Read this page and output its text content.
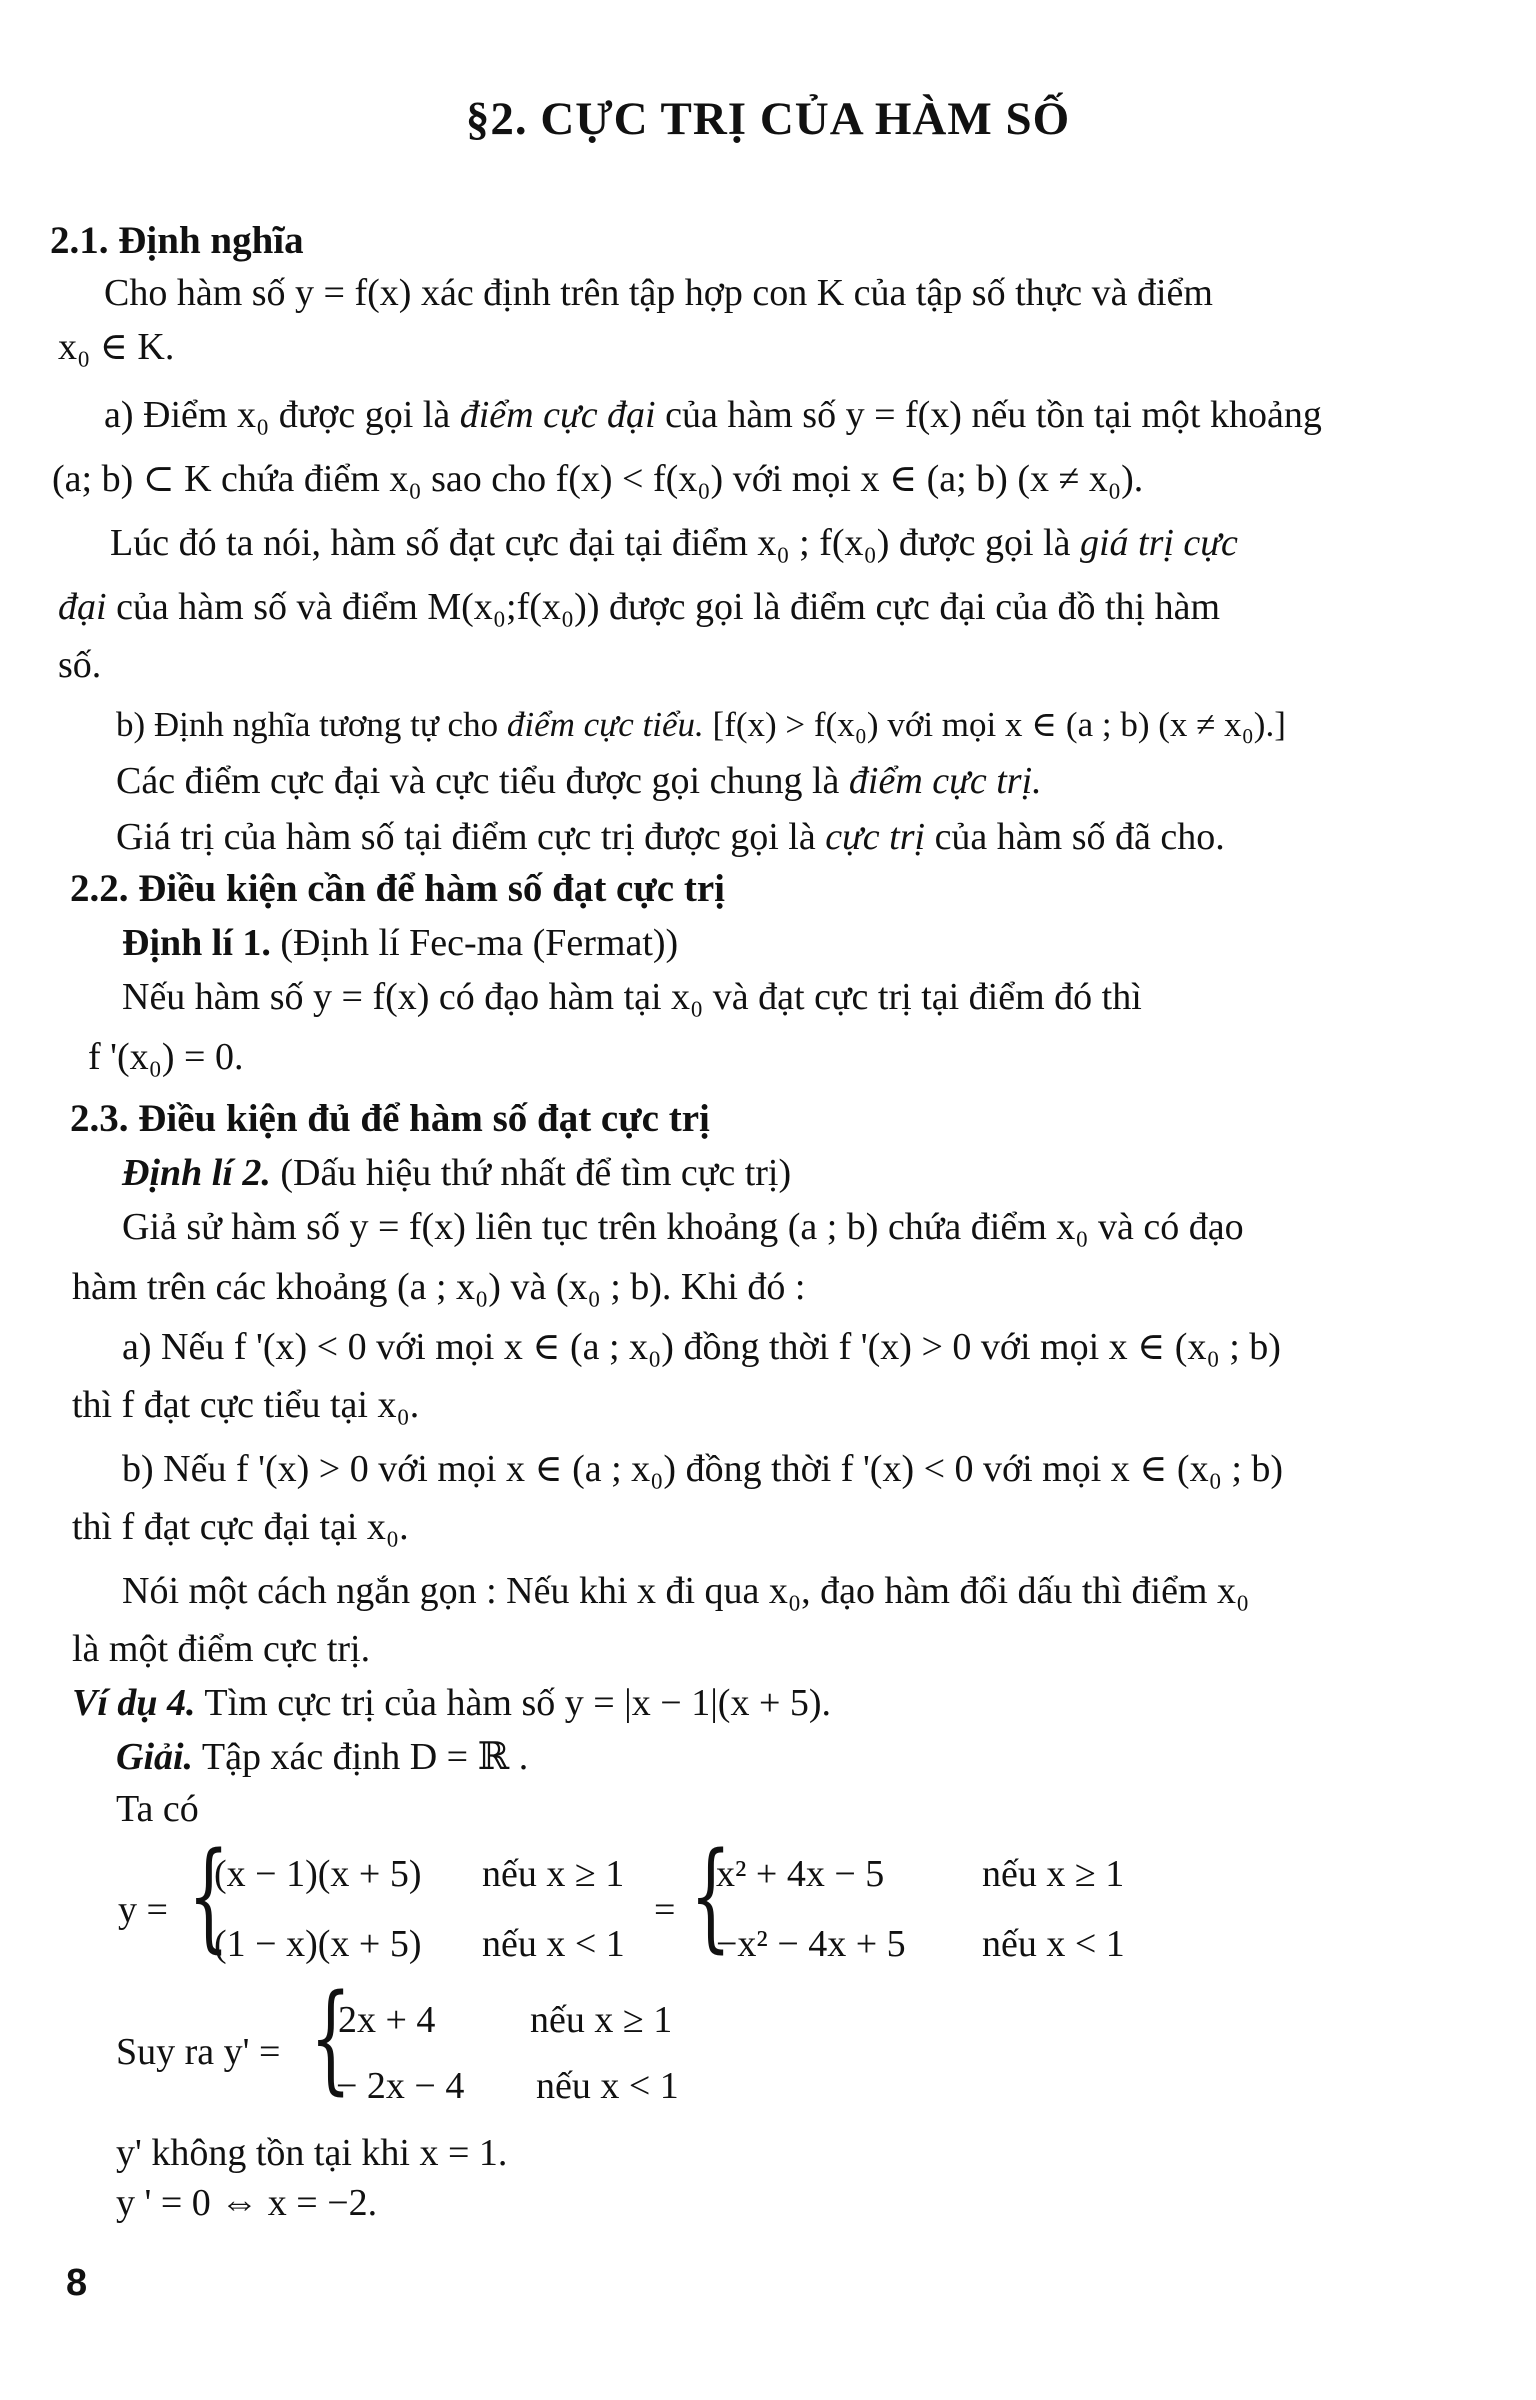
§2. CỰC TRỊ CỦA HÀM SỐ
2.1. Định nghĩa
Cho hàm số y = f(x) xác định trên tập hợp con K của tập số thực và điểm
x₀ ∈ K.
a) Điểm x₀ được gọi là điểm cực đại của hàm số y = f(x) nếu tồn tại một khoảng
(a; b) ⊂ K chứa điểm x₀ sao cho f(x) < f(x₀) với mọi x ∈ (a; b) (x ≠ x₀).
Lúc đó ta nói, hàm số đạt cực đại tại điểm x₀ ; f(x₀) được gọi là giá trị cực
đại của hàm số và điểm M(x₀;f(x₀)) được gọi là điểm cực đại của đồ thị hàm
số.
b) Định nghĩa tương tự cho điểm cực tiểu. [f(x) > f(x₀) với mọi x ∈ (a ; b) (x ≠ x₀).]
Các điểm cực đại và cực tiểu được gọi chung là điểm cực trị.
Giá trị của hàm số tại điểm cực trị được gọi là cực trị của hàm số đã cho.
2.2. Điều kiện cần để hàm số đạt cực trị
Định lí 1. (Định lí Fec-ma (Fermat))
Nếu hàm số y = f(x) có đạo hàm tại x₀ và đạt cực trị tại điểm đó thì
f '(x₀) = 0.
2.3. Điều kiện đủ để hàm số đạt cực trị
Định lí 2. (Dấu hiệu thứ nhất để tìm cực trị)
Giả sử hàm số y = f(x) liên tục trên khoảng (a ; b) chứa điểm x₀ và có đạo
hàm trên các khoảng (a ; x₀) và (x₀ ; b). Khi đó :
a) Nếu f '(x) < 0 với mọi x ∈ (a ; x₀) đồng thời f '(x) > 0 với mọi x ∈ (x₀ ; b)
thì f đạt cực tiểu tại x₀.
b) Nếu f '(x) > 0 với mọi x ∈ (a ; x₀) đồng thời f '(x) < 0 với mọi x ∈ (x₀ ; b)
thì f đạt cực đại tại x₀.
Nói một cách ngắn gọn : Nếu khi x đi qua x₀, đạo hàm đổi dấu thì điểm x₀
là một điểm cực trị.
Ví dụ 4. Tìm cực trị của hàm số y = |x − 1|(x + 5).
Giải. Tập xác định D = ℝ .
Ta có
y = {
(x − 1)(x + 5) nếu x ≥ 1
(1 − x)(x + 5) nếu x < 1
= {
x² + 4x − 5	nếu x ≥ 1
−x² − 4x + 5 nếu x < 1
Suy ra y' = {
2x + 4 nếu x ≥ 1
− 2x − 4 nếu x < 1
y' không tồn tại khi x = 1.
y ' = 0 ⇔ x = −2.
8
